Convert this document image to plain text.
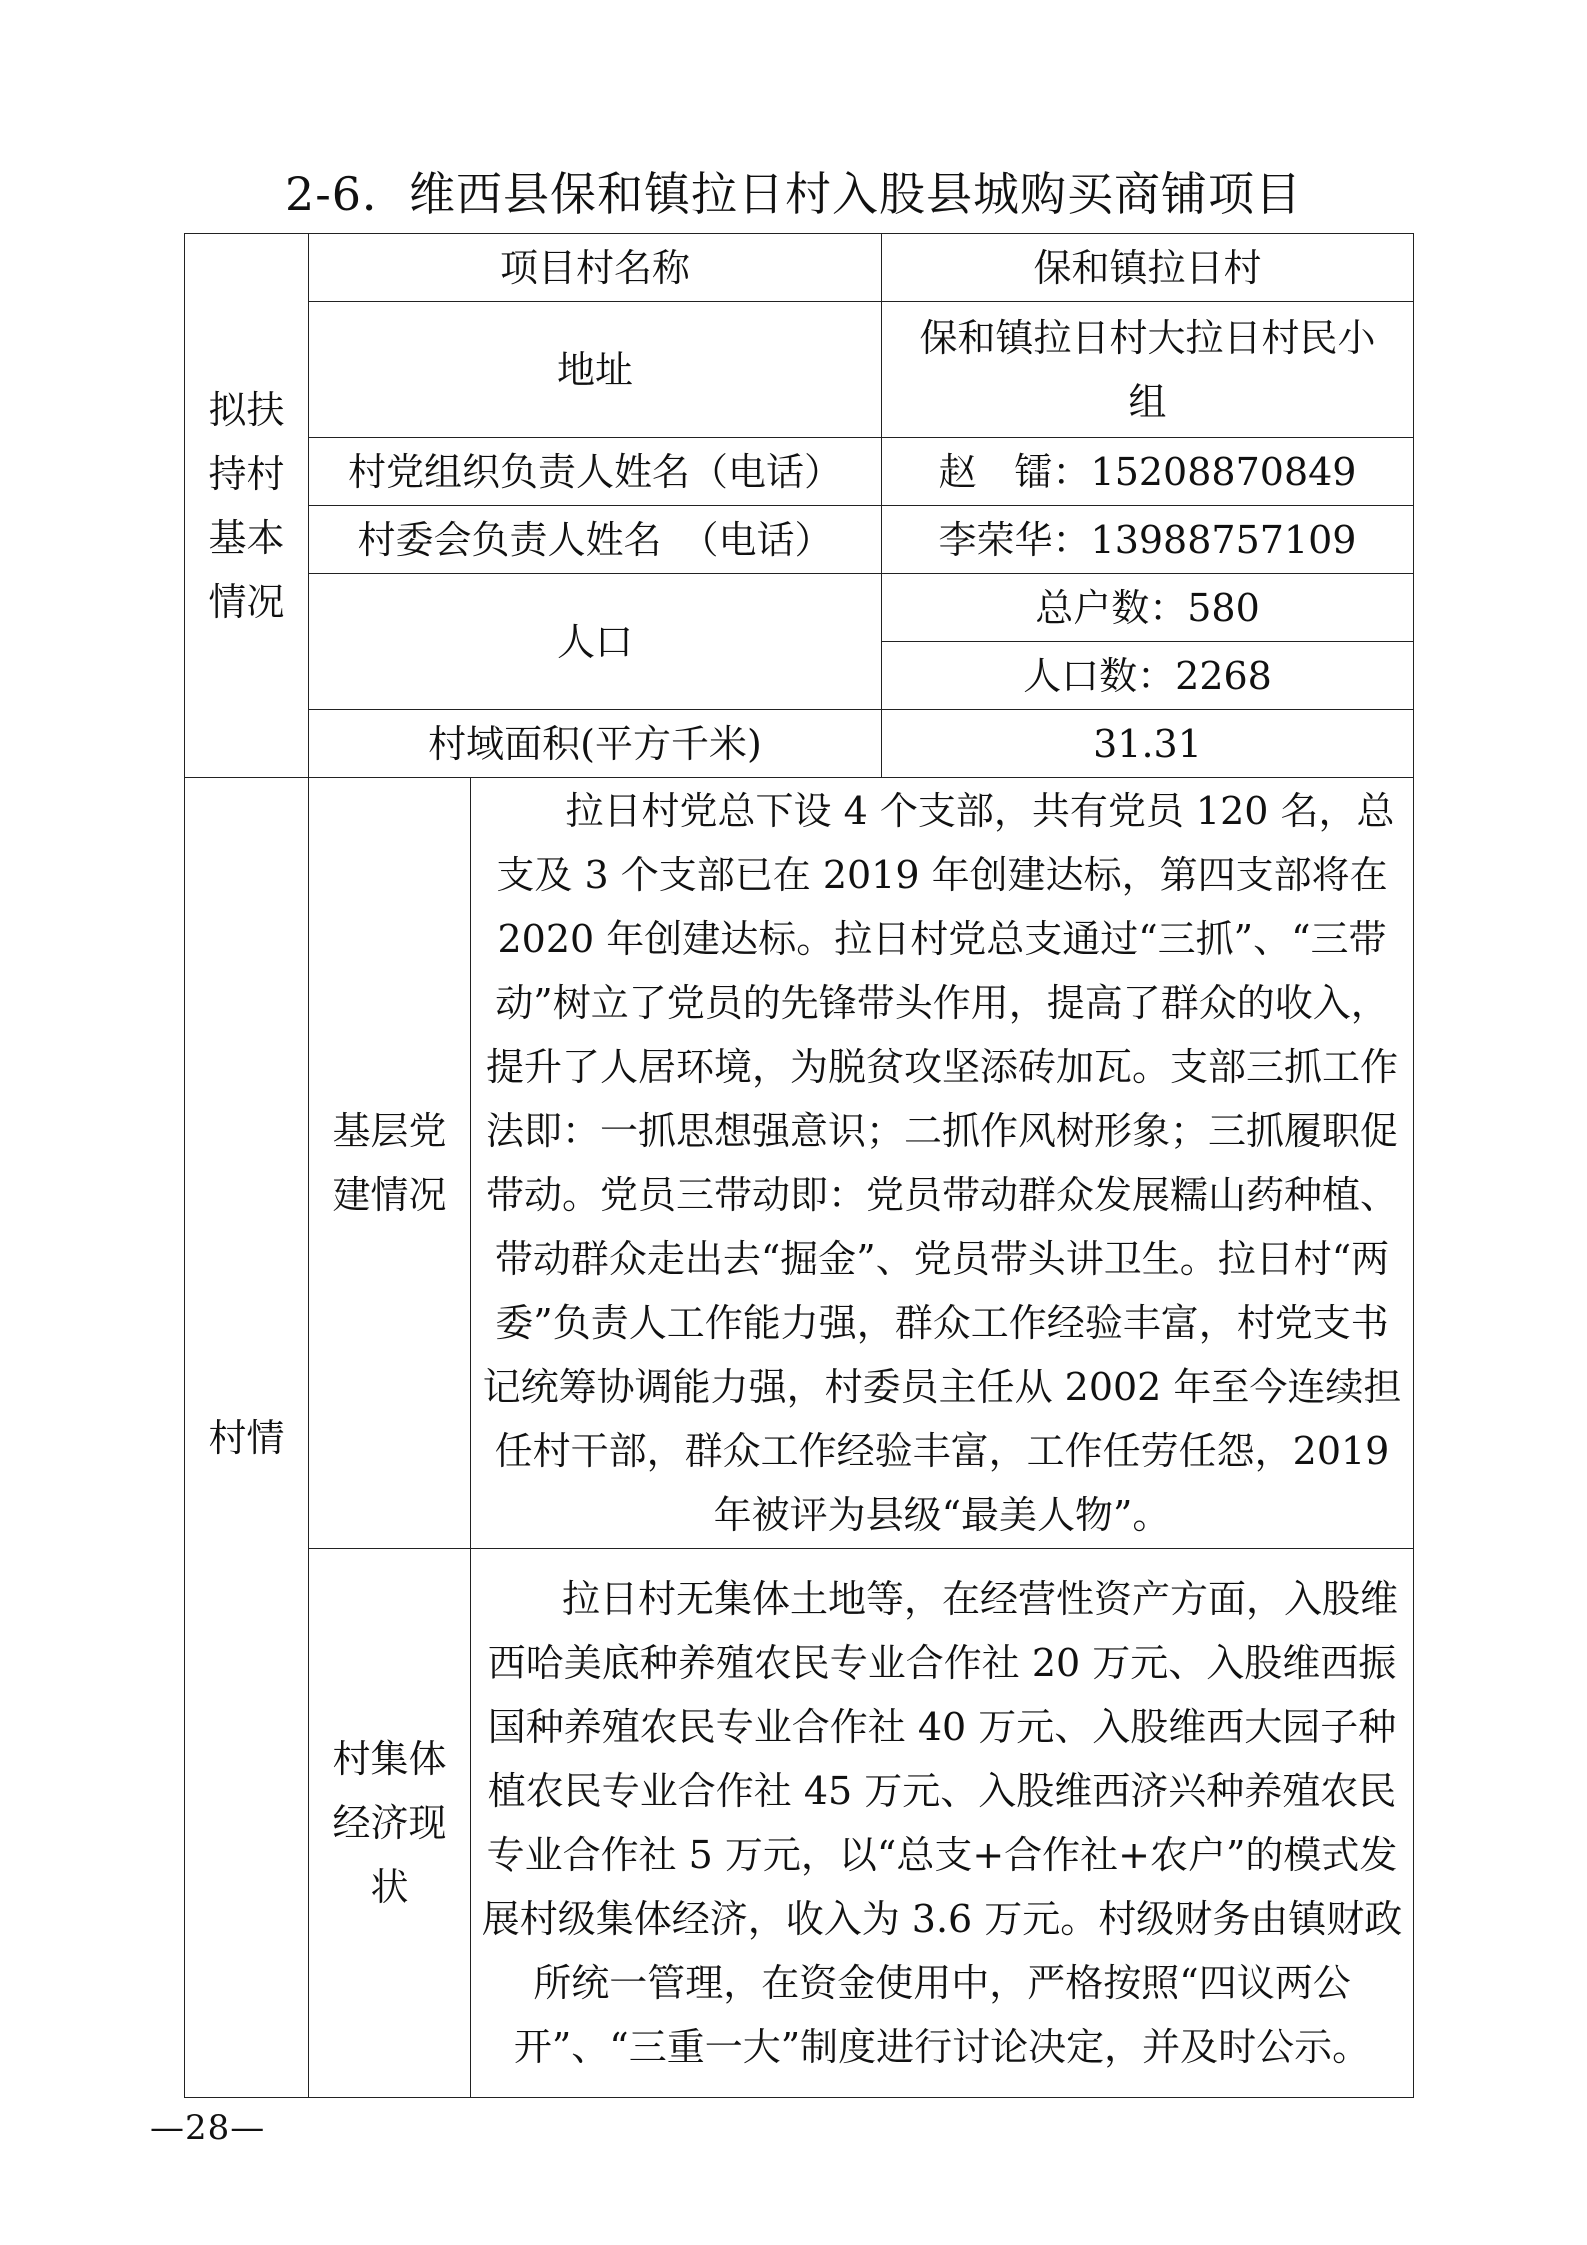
2-6．维西县保和镇拉日村入股县城购买商铺项目
拟扶持村基本情况	项目村名称		保和镇拉日村
	地址		保和镇拉日村大拉日村民小组
	村党组织负责人姓名（电话）		赵　镭：15208870849
	村委会负责人姓名　（电话）		李荣华：13988757109
	人口		总户数：580
			人口数：2268
	村域面积(平方千米)		31.31
村情	基层党建情况	拉日村党总下设 4 个支部，共有党员 120 名，总支及 3 个支部已在 2019 年创建达标，第四支部将在 2020 年创建达标。拉日村党总支通过“三抓”、“三带动”树立了党员的先锋带头作用，提高了群众的收入，提升了人居环境，为脱贫攻坚添砖加瓦。支部三抓工作法即：一抓思想强意识；二抓作风树形象；三抓履职促带动。党员三带动即：党员带动群众发展糯山药种植、带动群众走出去“掘金”、党员带头讲卫生。拉日村“两委”负责人工作能力强，群众工作经验丰富，村党支书记统筹协调能力强，村委员主任从 2002 年至今连续担任村干部，群众工作经验丰富，工作任劳任怨，2019 年被评为县级“最美人物”。	
	村集体经济现状	拉日村无集体土地等，在经营性资产方面，入股维西哈美底种养殖农民专业合作社 20 万元、入股维西振国种养殖农民专业合作社 40 万元、入股维西大园子种植农民专业合作社 45 万元、入股维西济兴种养殖农民专业合作社 5 万元，以“总支+合作社+农户”的模式发展村级集体经济，收入为 3.6 万元。村级财务由镇财政所统一管理，在资金使用中，严格按照“四议两公开”、“三重一大”制度进行讨论决定，并及时公示。	
—28—
